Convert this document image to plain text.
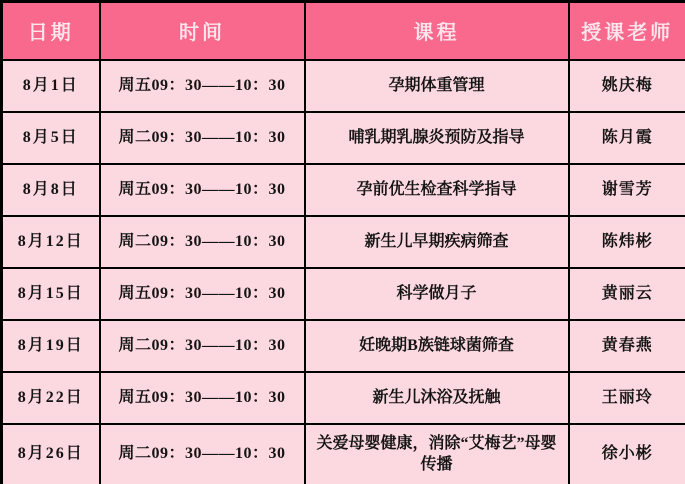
日期	时间	课程	授课老师
8月1日	周五09：30——10：30	孕期体重管理	姚庆梅
8月5日	周二09：30——10：30	哺乳期乳腺炎预防及指导	陈月霞
8月8日	周五09：30——10：30	孕前优生检查科学指导	谢雪芳
8月12日	周二09：30——10：30	新生儿早期疾病筛查	陈炜彬
8月15日	周五09：30——10：30	科学做月子	黄丽云
8月19日	周二09：30——10：30	妊晚期B族链球菌筛查	黄春燕
8月22日	周五09：30——10：30	新生儿沐浴及抚触	王丽玲
8月26日	周二09：30——10：30	关爱母婴健康，消除“艾梅艺”母婴传播	徐小彬
